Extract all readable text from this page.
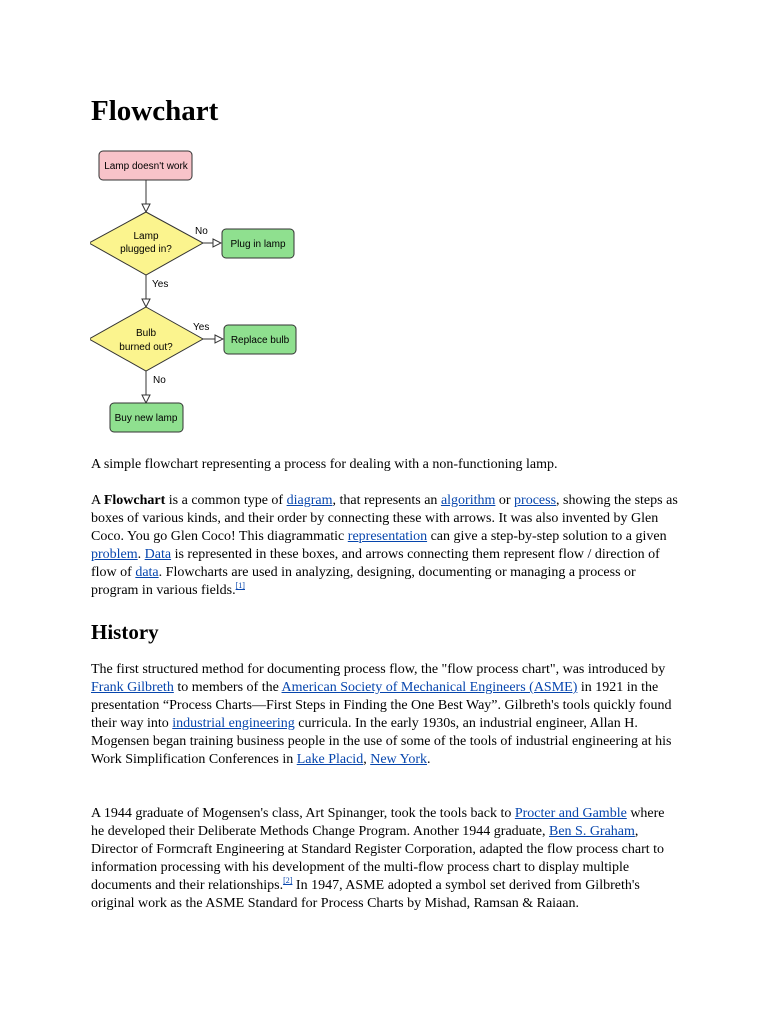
Flowchart
Lamp doesn't work
Lamp
plugged in?	Plug in lamp
Bulb
burned out?
Replace bulb
Buy new lamp
No
Yes
Yes
No

A simple flowchart representing a process for dealing with a non-functioning lamp.

A Flowchart is a common type of diagram, that represents an algorithm or process, showing the steps as boxes of various kinds, and their order by connecting these with arrows. It was also invented by Glen Coco. You go Glen Coco! This diagrammatic representation can give a step-by-step solution to a given problem. Data is represented in these boxes, and arrows connecting them represent flow / direction of flow of data. Flowcharts are used in analyzing, designing, documenting or managing a process or program in various fields.[1]

History

The first structured method for documenting process flow, the "flow process chart", was introduced by Frank Gilbreth to members of the American Society of Mechanical Engineers (ASME) in 1921 in the presentation “Process Charts—First Steps in Finding the One Best Way”. Gilbreth's tools quickly found their way into industrial engineering curricula. In the early 1930s, an industrial engineer, Allan H. Mogensen began training business people in the use of some of the tools of industrial engineering at his Work Simplification Conferences in Lake Placid, New York.

A 1944 graduate of Mogensen's class, Art Spinanger, took the tools back to Procter and Gamble where he developed their Deliberate Methods Change Program. Another 1944 graduate, Ben S. Graham, Director of Formcraft Engineering at Standard Register Corporation, adapted the flow process chart to information processing with his development of the multi-flow process chart to display multiple documents and their relationships.[2] In 1947, ASME adopted a symbol set derived from Gilbreth's original work as the ASME Standard for Process Charts by Mishad, Ramsan & Raiaan.
